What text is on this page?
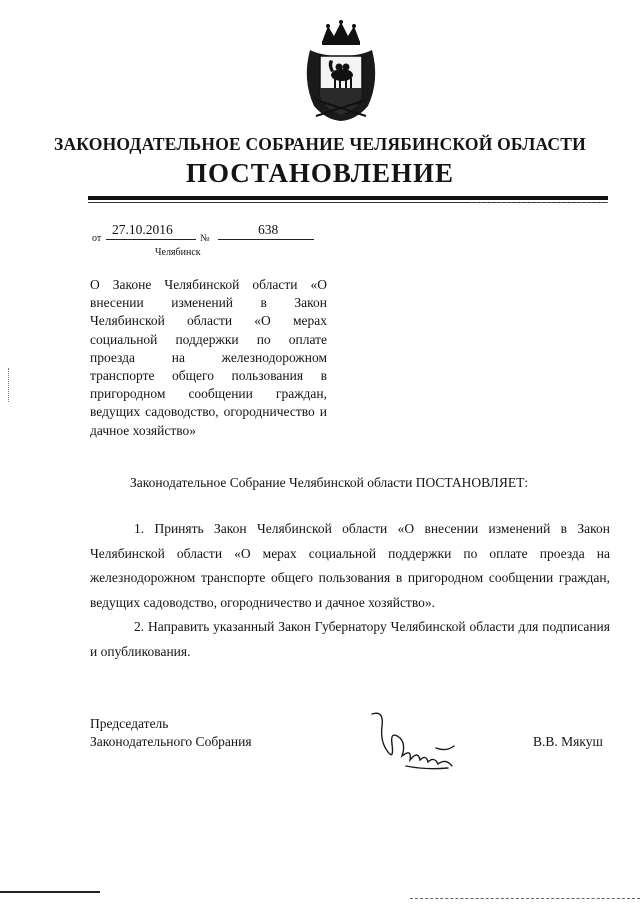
ЗАКОНОДАТЕЛЬНОЕ СОБРАНИЕ ЧЕЛЯБИНСКОЙ ОБЛАСТИ
ПОСТАНОВЛЕНИЕ
от
27.10.2016
№
638
Челябинск
О Законе Челябинской области «О внесении изменений в Закон Челябинской области «О мерах социальной поддержки по оплате проезда на железнодорожном транспорте общего пользования в пригородном сообщении граждан, ведущих садоводство, огородничество и дачное хозяйство»
Законодательное Собрание Челябинской области ПОСТАНОВЛЯЕТ:
1. Принять Закон Челябинской области «О внесении изменений в Закон Челябинской области «О мерах социальной поддержки по оплате проезда на железнодорожном транспорте общего пользования в пригородном сообщении граждан, ведущих садоводство, огородничество и дачное хозяйство».
2. Направить указанный Закон Губернатору Челябинской области для подписания и опубликования.
Председатель
Законодательного Собрания	В.В. Мякуш
